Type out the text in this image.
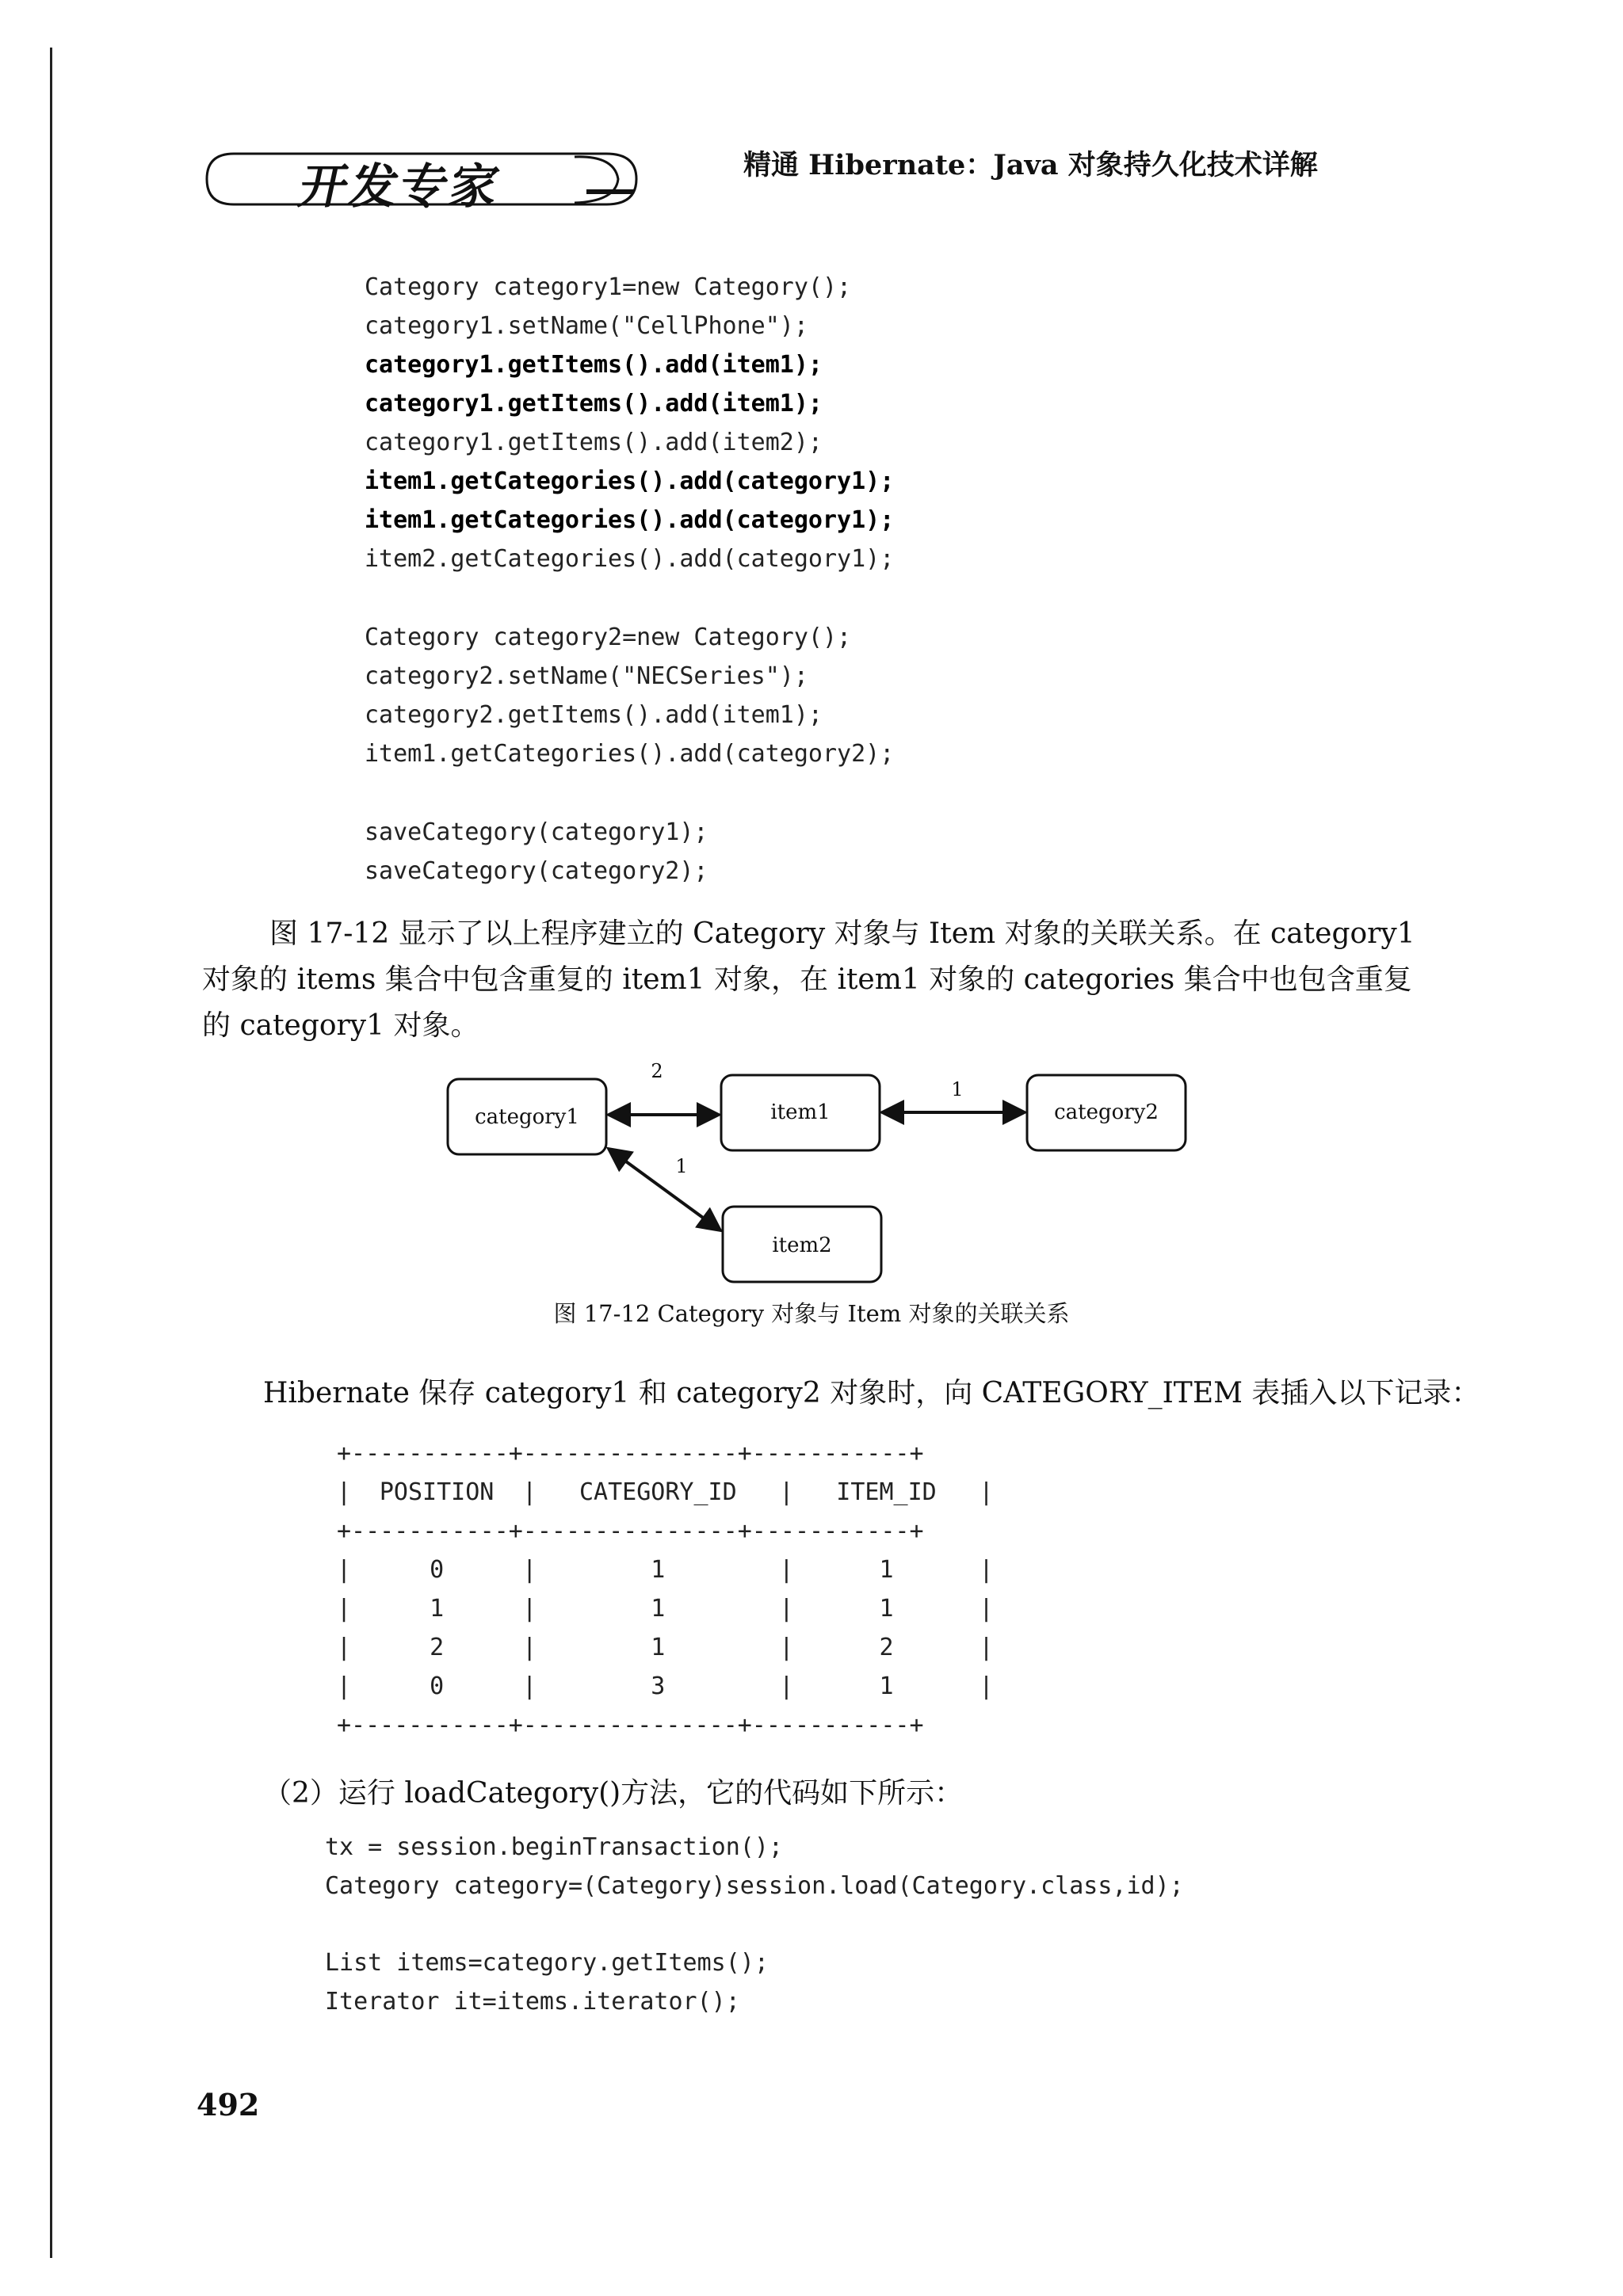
开发专家	精通 Hibernate：Java 对象持久化技术详解
Category category1=new Category();
category1.setName("CellPhone");
category1.getItems().add(item1);
category1.getItems().add(item1);
category1.getItems().add(item2);
item1.getCategories().add(category1);
item1.getCategories().add(category1);
item2.getCategories().add(category1);
Category category2=new Category();
category2.setName("NECSeries");
category2.getItems().add(item1);
item1.getCategories().add(category2);
saveCategory(category1);
saveCategory(category2);
图 17-12 显示了以上程序建立的 Category 对象与 Item 对象的关联关系。在 category1
对象的 items 集合中包含重复的 item1 对象，在 item1 对象的 categories 集合中也包含重复
的 category1 对象。
category1	item1	category2
item2
2
1
1
图 17-12 Category 对象与 Item 对象的关联关系
Hibernate 保存 category1 和 category2 对象时，向 CATEGORY_ITEM 表插入以下记录：
+-----------+---------------+-----------+
| POSITION | CATEGORY_ID | ITEM_ID |
+-----------+---------------+-----------+
|	0	|	1	|	1	|
|	1	|	1	|	1	|
|	2	|	1	|	2	|
|	0	|	3	|	1	|
+-----------+---------------+-----------+
（2）运行 loadCategory()方法，它的代码如下所示：
tx = session.beginTransaction();
Category category=(Category)session.load(Category.class,id);
List items=category.getItems();
Iterator it=items.iterator();
492
